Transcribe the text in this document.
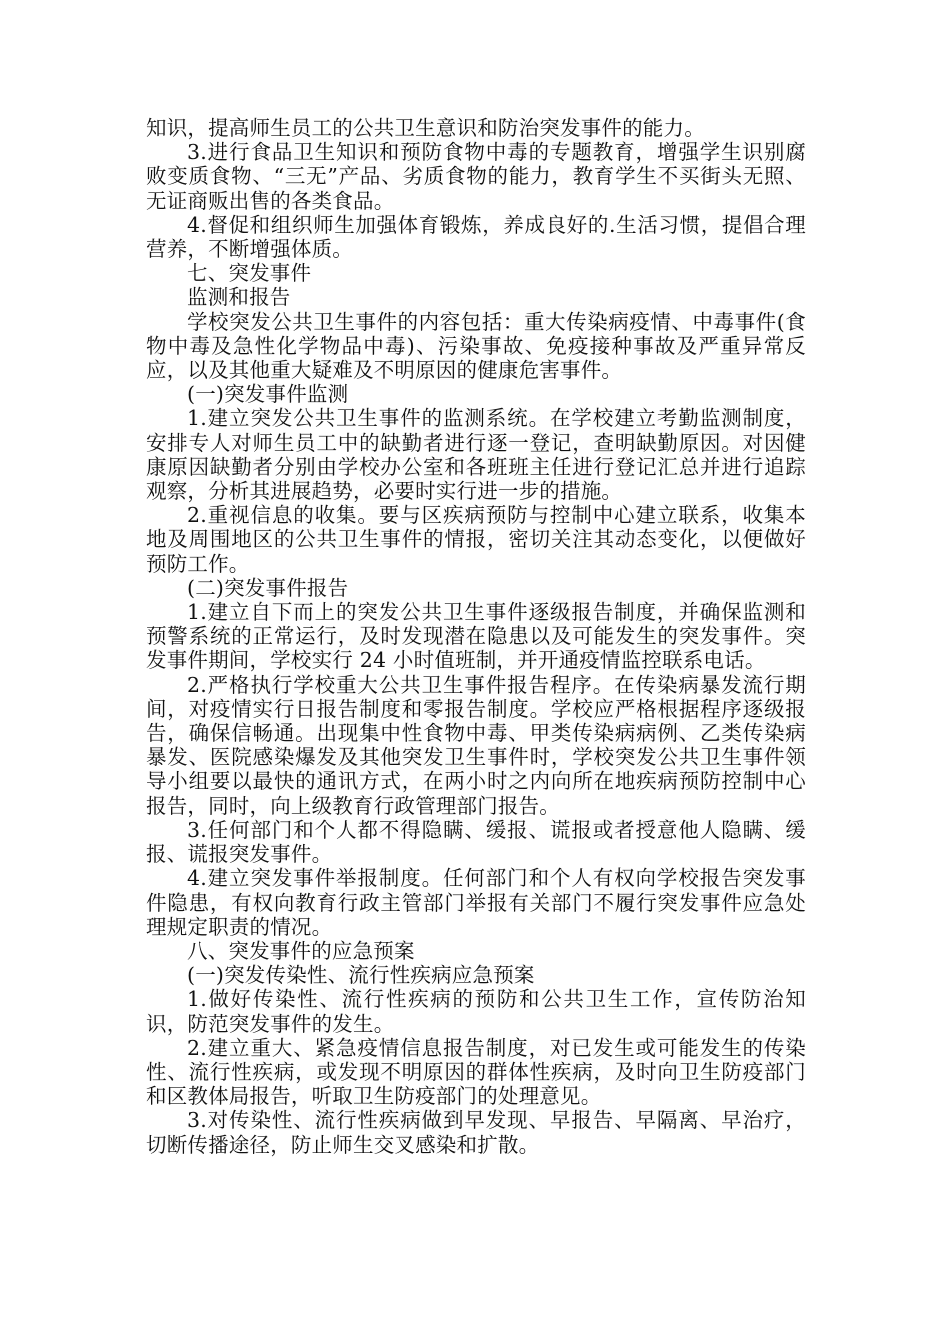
知识，提高师生员工的公共卫生意识和防治突发事件的能力。

3.进行食品卫生知识和预防食物中毒的专题教育，增强学生识别腐败变质食物、“三无”产品、劣质食物的能力，教育学生不买街头无照、无证商贩出售的各类食品。

4.督促和组织师生加强体育锻炼，养成良好的.生活习惯，提倡合理营养，不断增强体质。

七、突发事件

监测和报告

学校突发公共卫生事件的内容包括：重大传染病疫情、中毒事件(食物中毒及急性化学物品中毒)、污染事故、免疫接种事故及严重异常反应，以及其他重大疑难及不明原因的健康危害事件。

(一)突发事件监测

1.建立突发公共卫生事件的监测系统。在学校建立考勤监测制度，安排专人对师生员工中的缺勤者进行逐一登记，查明缺勤原因。对因健康原因缺勤者分别由学校办公室和各班班主任进行登记汇总并进行追踪观察，分析其进展趋势，必要时实行进一步的措施。

2.重视信息的收集。要与区疾病预防与控制中心建立联系，收集本地及周围地区的公共卫生事件的情报，密切关注其动态变化，以便做好预防工作。

(二)突发事件报告

1.建立自下而上的突发公共卫生事件逐级报告制度，并确保监测和预警系统的正常运行，及时发现潜在隐患以及可能发生的突发事件。突发事件期间，学校实行 24 小时值班制，并开通疫情监控联系电话。

2.严格执行学校重大公共卫生事件报告程序。在传染病暴发流行期间，对疫情实行日报告制度和零报告制度。学校应严格根据程序逐级报告，确保信畅通。出现集中性食物中毒、甲类传染病病例、乙类传染病暴发、医院感染爆发及其他突发卫生事件时，学校突发公共卫生事件领导小组要以最快的通讯方式，在两小时之内向所在地疾病预防控制中心报告，同时，向上级教育行政管理部门报告。

3.任何部门和个人都不得隐瞒、缓报、谎报或者授意他人隐瞒、缓报、谎报突发事件。

4.建立突发事件举报制度。任何部门和个人有权向学校报告突发事件隐患，有权向教育行政主管部门举报有关部门不履行突发事件应急处理规定职责的情况。

八、突发事件的应急预案

(一)突发传染性、流行性疾病应急预案

1.做好传染性、流行性疾病的预防和公共卫生工作，宣传防治知识，防范突发事件的发生。

2.建立重大、紧急疫情信息报告制度，对已发生或可能发生的传染性、流行性疾病，或发现不明原因的群体性疾病，及时向卫生防疫部门和区教体局报告，听取卫生防疫部门的处理意见。

3.对传染性、流行性疾病做到早发现、早报告、早隔离、早治疗，切断传播途径，防止师生交叉感染和扩散。
